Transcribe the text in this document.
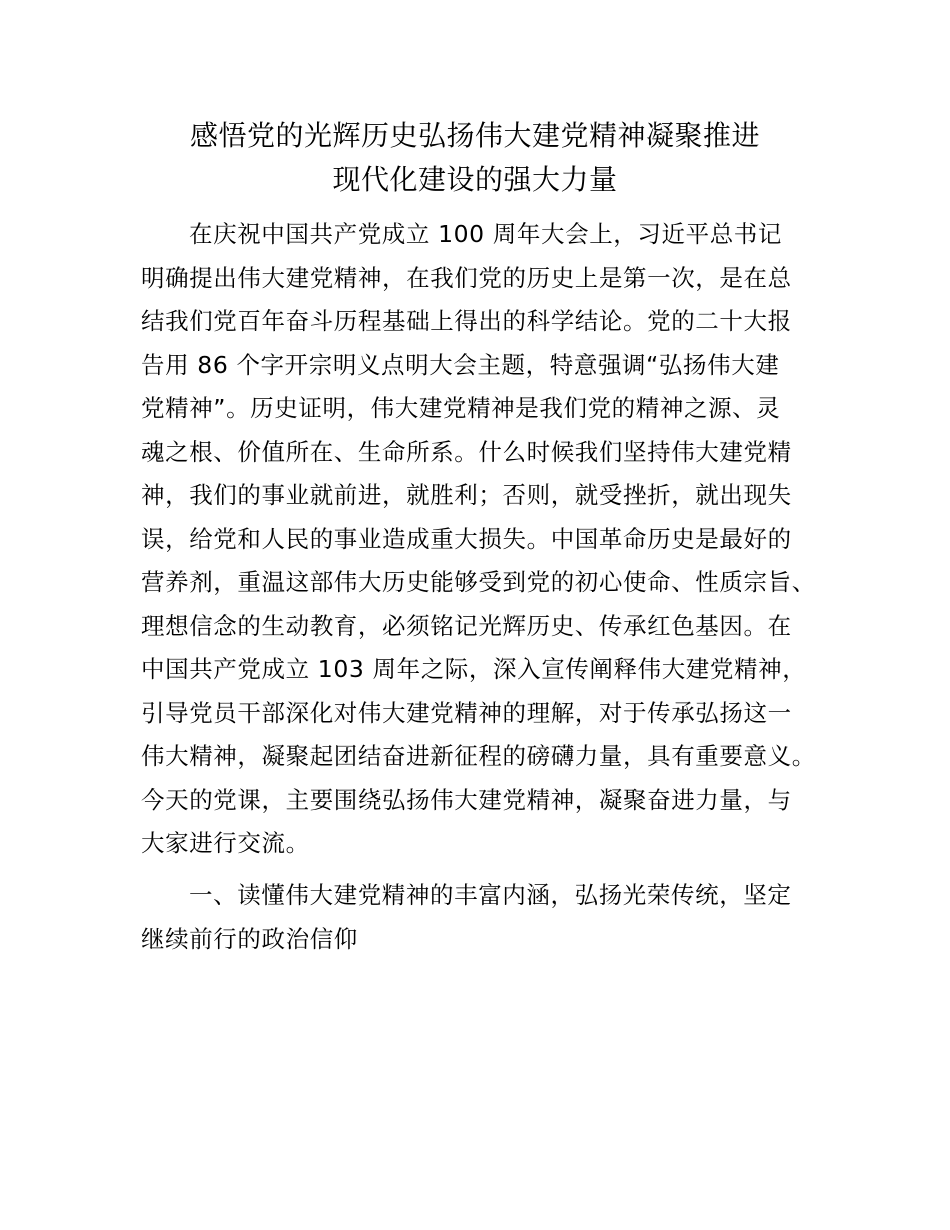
感悟党的光辉历史弘扬伟大建党精神凝聚推进
现代化建设的强大力量
在庆祝中国共产党成立 100 周年大会上，习近平总书记
明确提出伟大建党精神，在我们党的历史上是第一次，是在总
结我们党百年奋斗历程基础上得出的科学结论。党的二十大报
告用 86 个字开宗明义点明大会主题，特意强调“弘扬伟大建
党精神”。历史证明，伟大建党精神是我们党的精神之源、灵
魂之根、价值所在、生命所系。什么时候我们坚持伟大建党精
神，我们的事业就前进，就胜利；否则，就受挫折，就出现失
误，给党和人民的事业造成重大损失。中国革命历史是最好的
营养剂，重温这部伟大历史能够受到党的初心使命、性质宗旨、
理想信念的生动教育，必须铭记光辉历史、传承红色基因。在
中国共产党成立 103 周年之际，深入宣传阐释伟大建党精神，
引导党员干部深化对伟大建党精神的理解，对于传承弘扬这一
伟大精神，凝聚起团结奋进新征程的磅礴力量，具有重要意义。
今天的党课，主要围绕弘扬伟大建党精神，凝聚奋进力量，与
大家进行交流。
一、读懂伟大建党精神的丰富内涵，弘扬光荣传统，坚定
继续前行的政治信仰
